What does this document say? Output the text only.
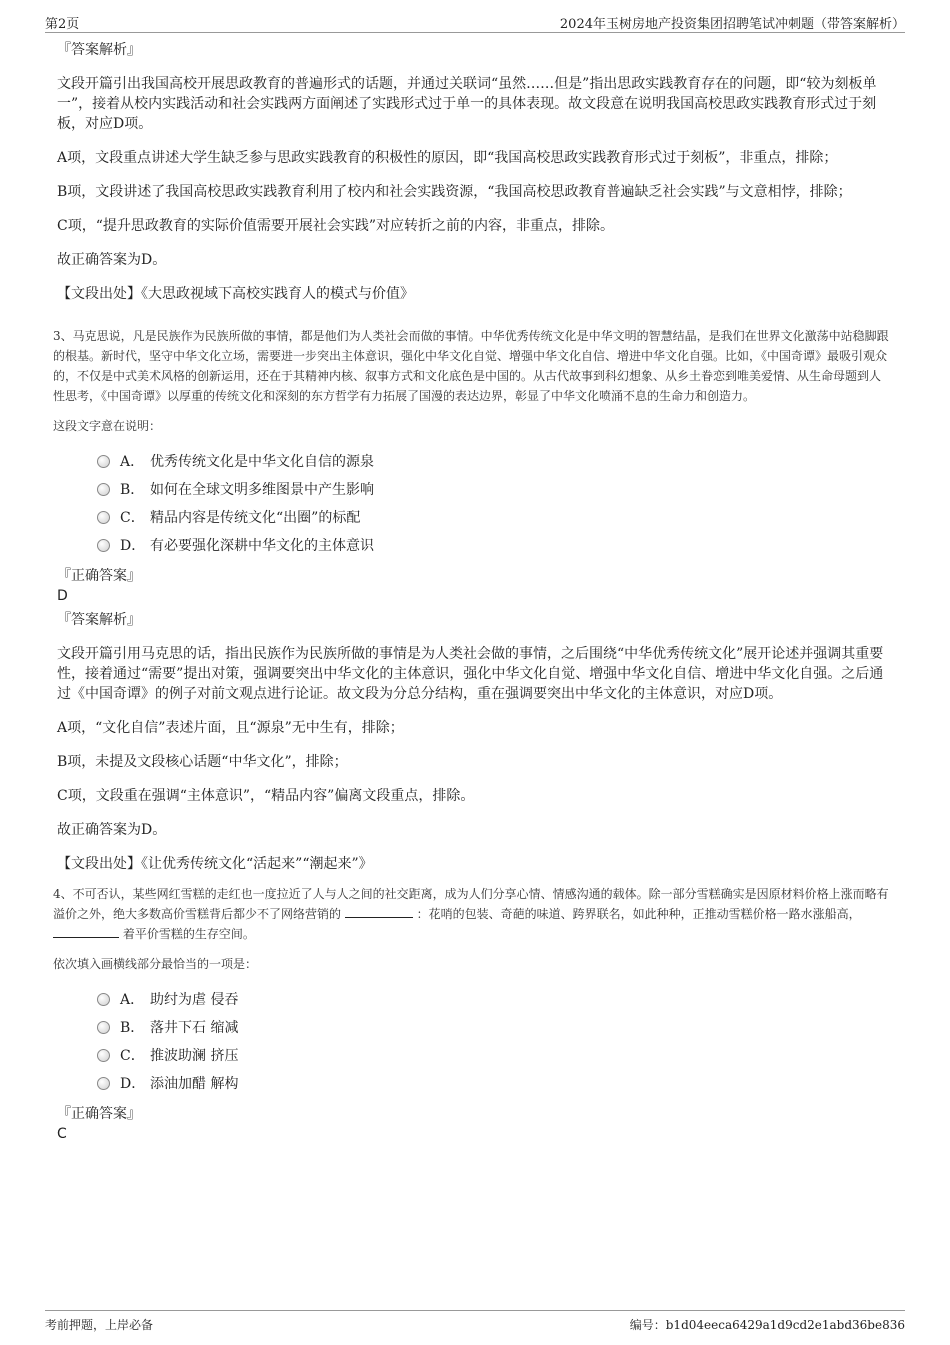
第2页	2024年玉树房地产投资集团招聘笔试冲刺题（带答案解析）

『答案解析』

文段开篇引出我国高校开展思政教育的普遍形式的话题，并通过关联词“虽然……但是”指出思政实践教育存在的问题，即“较为刻板单一”，接着从校内实践活动和社会实践两方面阐述了实践形式过于单一的具体表现。故文段意在说明我国高校思政实践教育形式过于刻板，对应D项。

A项，文段重点讲述大学生缺乏参与思政实践教育的积极性的原因，即“我国高校思政实践教育形式过于刻板”，非重点，排除；

B项，文段讲述了我国高校思政实践教育利用了校内和社会实践资源，“我国高校思政教育普遍缺乏社会实践”与文意相悖，排除；

C项，“提升思政教育的实际价值需要开展社会实践”对应转折之前的内容，非重点，排除。

故正确答案为D。

【文段出处】《大思政视域下高校实践育人的模式与价值》

3、马克思说，凡是民族作为民族所做的事情，都是他们为人类社会而做的事情。中华优秀传统文化是中华文明的智慧结晶，是我们在世界文化激荡中站稳脚跟的根基。新时代，坚守中华文化立场，需要进一步突出主体意识，强化中华文化自觉、增强中华文化自信、增进中华文化自强。比如，《中国奇谭》最吸引观众的，不仅是中式美术风格的创新运用，还在于其精神内核、叙事方式和文化底色是中国的。从古代故事到科幻想象、从乡土眷恋到唯美爱情、从生命母题到人性思考，《中国奇谭》以厚重的传统文化和深刻的东方哲学有力拓展了国漫的表达边界，彰显了中华文化喷涌不息的生命力和创造力。

这段文字意在说明：

A． 优秀传统文化是中华文化自信的源泉
B． 如何在全球文明多维图景中产生影响
C． 精品内容是传统文化“出圈”的标配
D． 有必要强化深耕中华文化的主体意识

『正确答案』

D

『答案解析』

文段开篇引用马克思的话，指出民族作为民族所做的事情是为人类社会做的事情，之后围绕“中华优秀传统文化”展开论述并强调其重要性，接着通过“需要”提出对策，强调要突出中华文化的主体意识，强化中华文化自觉、增强中华文化自信、增进中华文化自强。之后通过《中国奇谭》的例子对前文观点进行论证。故文段为分总分结构，重在强调要突出中华文化的主体意识，对应D项。

A项，“文化自信”表述片面，且“源泉”无中生有，排除；

B项，未提及文段核心话题“中华文化”，排除；

C项，文段重在强调“主体意识”，“精品内容”偏离文段重点，排除。

故正确答案为D。

【文段出处】《让优秀传统文化“活起来”“潮起来”》

4、不可否认，某些网红雪糕的走红也一度拉近了人与人之间的社交距离，成为人们分享心情、情感沟通的载体。除一部分雪糕确实是因原材料价格上涨而略有溢价之外，绝大多数高价雪糕背后都少不了网络营销的	：花哨的包装、奇葩的味道、跨界联名，如此种种，正推动雪糕价格一路水涨船高，  着平价雪糕的生存空间。

依次填入画横线部分最恰当的一项是：

A． 助纣为虐 侵吞
B． 落井下石 缩减
C． 推波助澜 挤压
D． 添油加醋 解构

『正确答案』

C

考前押题，上岸必备	编号：b1d04eeca6429a1d9cd2e1abd36be836
